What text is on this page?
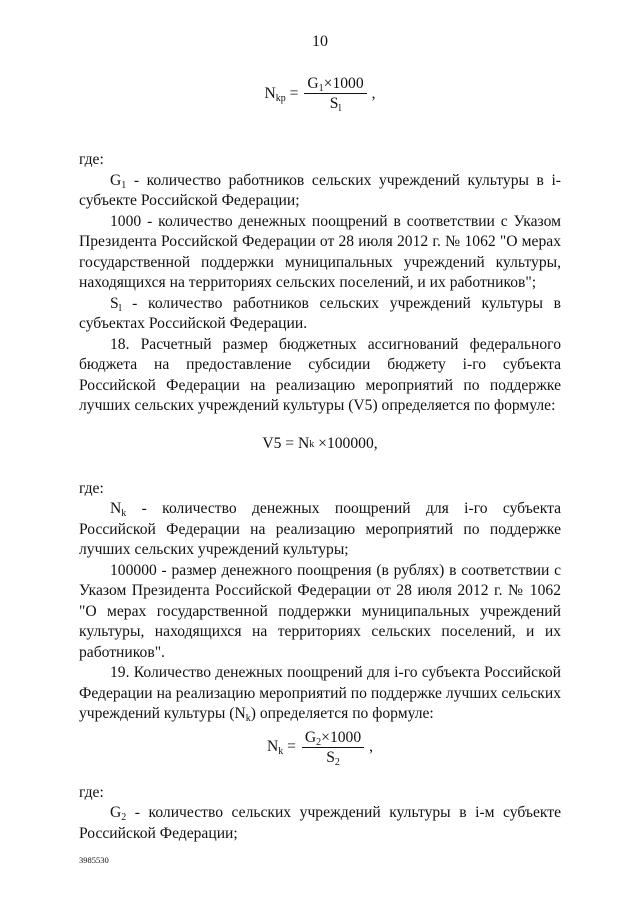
10
$N_{kp} = \frac{G_1\times 1000}{S_l}$ ,

где:

$G_1$ - количество работников сельских учреждений культуры в i-субъекте Российской Федерации;

1000 - количество денежных поощрений в соответствии с Указом Президента Российской Федерации от 28 июля 2012 г. № 1062 "О мерах государственной поддержки муниципальных учреждений культуры, находящихся на территориях сельских поселений, и их работников";

$S_l$ - количество работников сельских учреждений культуры в субъектах Российской Федерации.

18. Расчетный размер бюджетных ассигнований федерального бюджета на предоставление субсидии бюджету i-го субъекта Российской Федерации на реализацию мероприятий по поддержке лучших сельских учреждений культуры (V5) определяется по формуле:

V5
=
N k
×100000 ,

где:

$N_k$ - количество денежных поощрений для i-го субъекта Российской Федерации на реализацию мероприятий по поддержке лучших сельских учреждений культуры;

100000 - размер денежного поощрения (в рублях) в соответствии с Указом Президента Российской Федерации от 28 июля 2012 г. № 1062 "О мерах государственной поддержки муниципальных учреждений культуры, находящихся на территориях сельских поселений, и их работников".

19. Количество денежных поощрений для i-го субъекта Российской Федерации на реализацию мероприятий по поддержке лучших сельских учреждений культуры $(N_k)$ определяется по формуле:

$N_k = \frac{G_2\times 1000}{S_2}$ ,

где:

$G_2$ - количество сельских учреждений культуры в i-м субъекте Российской Федерации;

3985530
